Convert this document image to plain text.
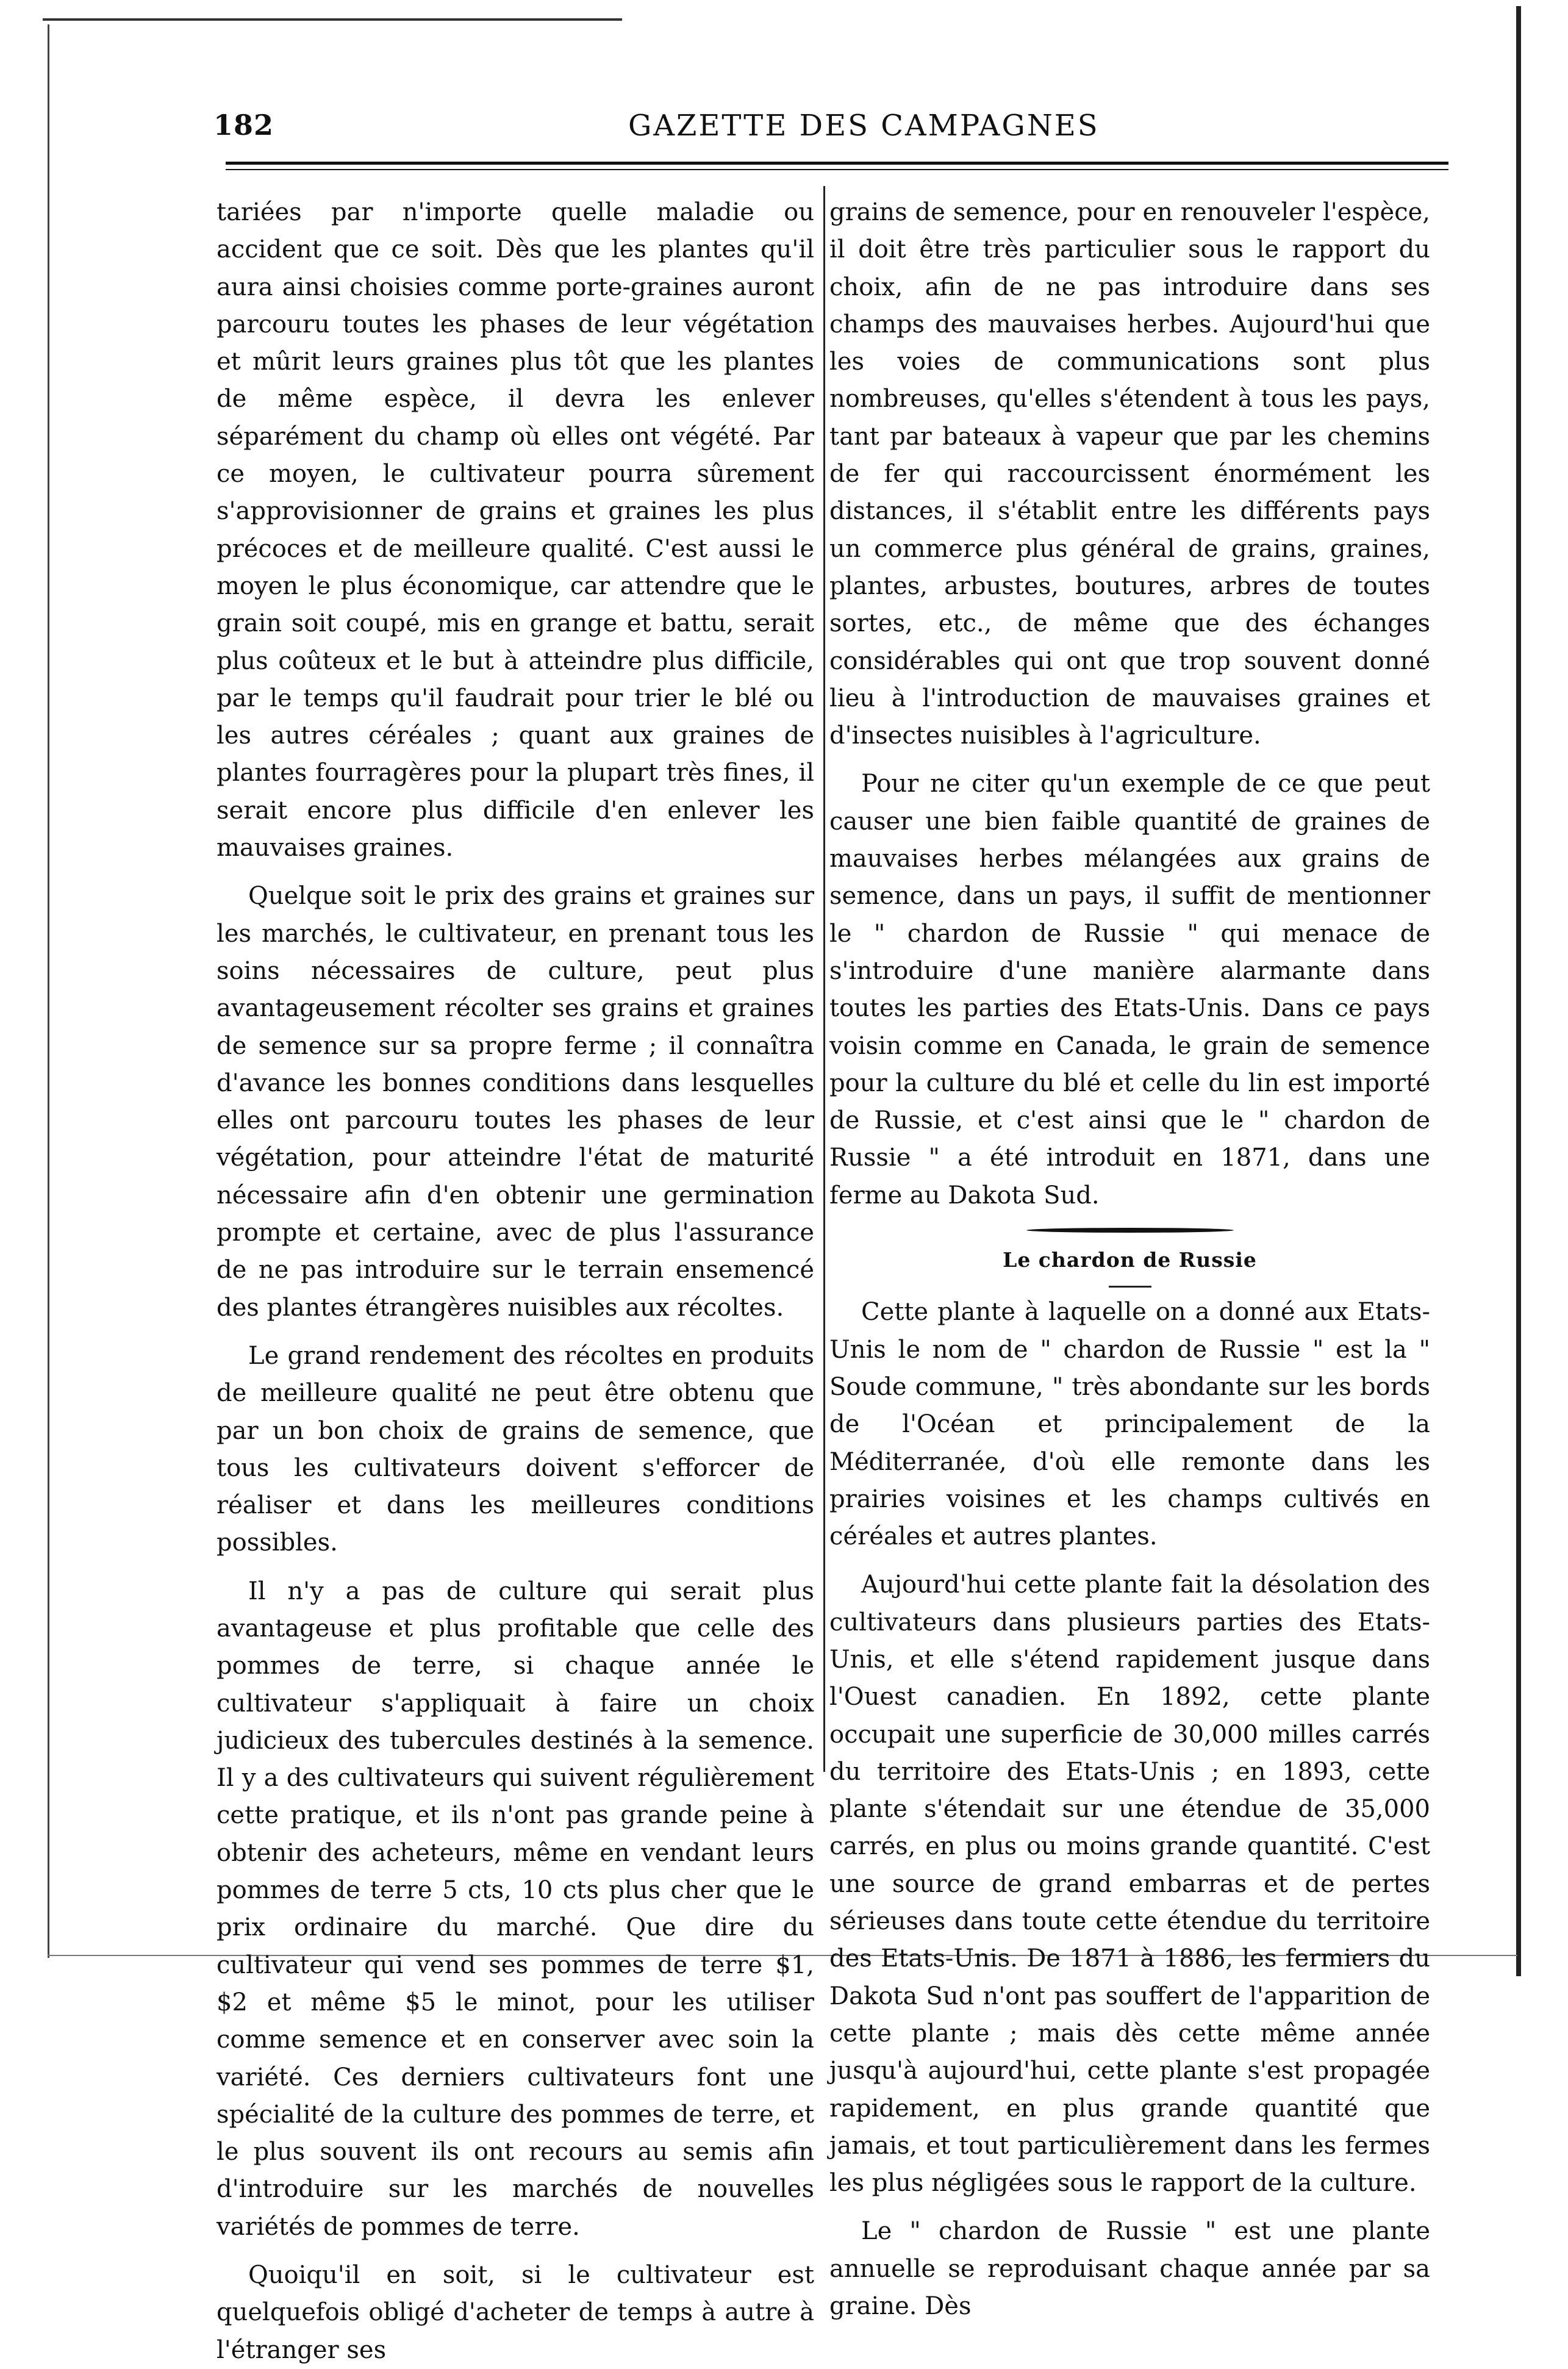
182	GAZETTE DES CAMPAGNES

tariées par n'importe quelle maladie ou accident que ce soit. Dès que les plantes qu'il aura ainsi choisies comme porte-graines auront parcouru toutes les phases de leur végétation et mûrit leurs graines plus tôt que les plantes de même espèce, il devra les enlever séparément du champ où elles ont végété. Par ce moyen, le cultivateur pourra sûrement s'approvisionner de grains et graines les plus précoces et de meilleure qualité. C'est aussi le moyen le plus économique, car attendre que le grain soit coupé, mis en grange et battu, serait plus coûteux et le but à atteindre plus difficile, par le temps qu'il faudrait pour trier le blé ou les autres céréales ; quant aux graines de plantes fourragères pour la plupart très fines, il serait encore plus difficile d'en enlever les mauvaises graines.

Quelque soit le prix des grains et graines sur les marchés, le cultivateur, en prenant tous les soins nécessaires de culture, peut plus avantageusement récolter ses grains et graines de semence sur sa propre ferme ; il connaîtra d'avance les bonnes conditions dans lesquelles elles ont parcouru toutes les phases de leur végétation, pour atteindre l'état de maturité nécessaire afin d'en obtenir une germination prompte et certaine, avec de plus l'assurance de ne pas introduire sur le terrain ensemencé des plantes étrangères nuisibles aux récoltes.

Le grand rendement des récoltes en produits de meilleure qualité ne peut être obtenu que par un bon choix de grains de semence, que tous les cultivateurs doivent s'efforcer de réaliser et dans les meilleures conditions possibles.

Il n'y a pas de culture qui serait plus avantageuse et plus profitable que celle des pommes de terre, si chaque année le cultivateur s'appliquait à faire un choix judicieux des tubercules destinés à la semence. Il y a des cultivateurs qui suivent régulièrement cette pratique, et ils n'ont pas grande peine à obtenir des acheteurs, même en vendant leurs pommes de terre 5 cts, 10 cts plus cher que le prix ordinaire du marché. Que dire du cultivateur qui vend ses pommes de terre $1, $2 et même $5 le minot, pour les utiliser comme semence et en conserver avec soin la variété. Ces derniers cultivateurs font une spécialité de la culture des pommes de terre, et le plus souvent ils ont recours au semis afin d'introduire sur les marchés de nouvelles variétés de pommes de terre.

Quoiqu'il en soit, si le cultivateur est quelquefois obligé d'acheter de temps à autre à l'étranger ses

grains de semence, pour en renouveler l'espèce, il doit être très particulier sous le rapport du choix, afin de ne pas introduire dans ses champs des mauvaises herbes. Aujourd'hui que les voies de communications sont plus nombreuses, qu'elles s'étendent à tous les pays, tant par bateaux à vapeur que par les chemins de fer qui raccourcissent énormément les distances, il s'établit entre les différents pays un commerce plus général de grains, graines, plantes, arbustes, boutures, arbres de toutes sortes, etc., de même que des échanges considérables qui ont que trop souvent donné lieu à l'introduction de mauvaises graines et d'insectes nuisibles à l'agriculture.

Pour ne citer qu'un exemple de ce que peut causer une bien faible quantité de graines de mauvaises herbes mélangées aux grains de semence, dans un pays, il suffit de mentionner le " chardon de Russie " qui menace de s'introduire d'une manière alarmante dans toutes les parties des Etats-Unis. Dans ce pays voisin comme en Canada, le grain de semence pour la culture du blé et celle du lin est importé de Russie, et c'est ainsi que le " chardon de Russie " a été introduit en 1871, dans une ferme au Dakota Sud.

Le chardon de Russie

Cette plante à laquelle on a donné aux Etats-Unis le nom de " chardon de Russie " est la " Soude commune, " très abondante sur les bords de l'Océan et principalement de la Méditerranée, d'où elle remonte dans les prairies voisines et les champs cultivés en céréales et autres plantes.

Aujourd'hui cette plante fait la désolation des cultivateurs dans plusieurs parties des Etats-Unis, et elle s'étend rapidement jusque dans l'Ouest canadien. En 1892, cette plante occupait une superficie de 30,000 milles carrés du territoire des Etats-Unis ; en 1893, cette plante s'étendait sur une étendue de 35,000 carrés, en plus ou moins grande quantité. C'est une source de grand embarras et de pertes sérieuses dans toute cette étendue du territoire des Etats-Unis. De 1871 à 1886, les fermiers du Dakota Sud n'ont pas souffert de l'apparition de cette plante ; mais dès cette même année jusqu'à aujourd'hui, cette plante s'est propagée rapidement, en plus grande quantité que jamais, et tout particulièrement dans les fermes les plus négligées sous le rapport de la culture.

Le " chardon de Russie " est une plante annuelle se reproduisant chaque année par sa graine. Dès
